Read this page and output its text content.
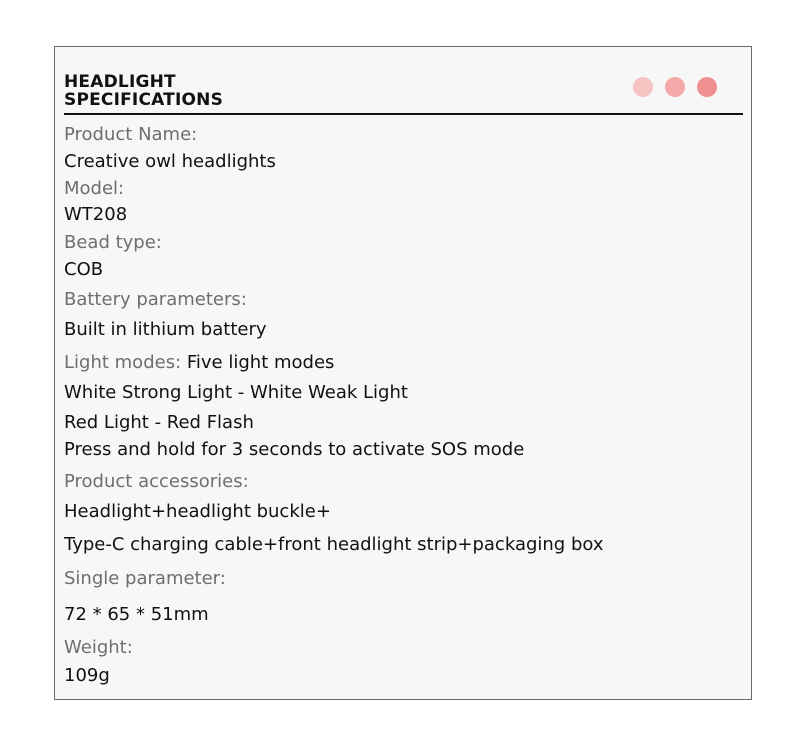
HEADLIGHT
SPECIFICATIONS
Product Name:
Creative owl headlights
Model:
WT208
Bead type:
COB
Battery parameters:
Built in lithium battery
Light modes: Five light modes
White Strong Light - White Weak Light
Red Light - Red Flash
Press and hold for 3 seconds to activate SOS mode
Product accessories:
Headlight+headlight buckle+
Type-C charging cable+front headlight strip+packaging box
Single parameter:
72 * 65 * 51mm
Weight:
109g
